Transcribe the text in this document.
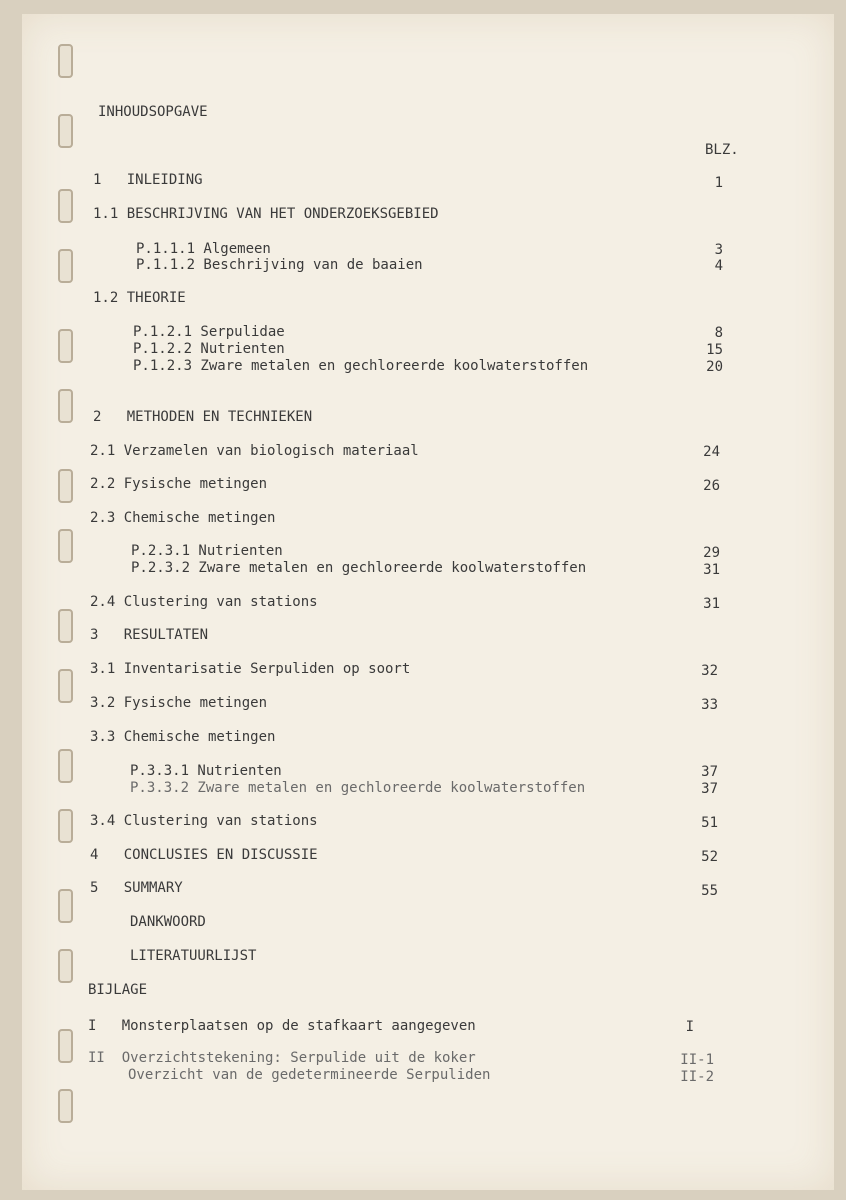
INHOUDSOPGAVE
BLZ.
1   INLEIDING	1
1.1 BESCHRIJVING VAN HET ONDERZOEKSGEBIED
P.1.1.1 Algemeen	3
P.1.1.2 Beschrijving van de baaien	4
1.2 THEORIE
P.1.2.1 Serpulidae	8
P.1.2.2 Nutrienten	15
P.1.2.3 Zware metalen en gechloreerde koolwaterstoffen	20
2   METHODEN EN TECHNIEKEN
2.1 Verzamelen van biologisch materiaal	24
2.2 Fysische metingen	26
2.3 Chemische metingen
P.2.3.1 Nutrienten	29
P.2.3.2 Zware metalen en gechloreerde koolwaterstoffen	31
2.4 Clustering van stations	31
3   RESULTATEN
3.1 Inventarisatie Serpuliden op soort	32
3.2 Fysische metingen	33
3.3 Chemische metingen
P.3.3.1 Nutrienten	37
P.3.3.2 Zware metalen en gechloreerde koolwaterstoffen	37
3.4 Clustering van stations	51
4   CONCLUSIES EN DISCUSSIE	52
5   SUMMARY	55
DANKWOORD
LITERATUURLIJST
BIJLAGE
I   Monsterplaatsen op de stafkaart aangegeven	I
II  Overzichtstekening: Serpulide uit de koker	II-1
Overzicht van de gedetermineerde Serpuliden	II-2
